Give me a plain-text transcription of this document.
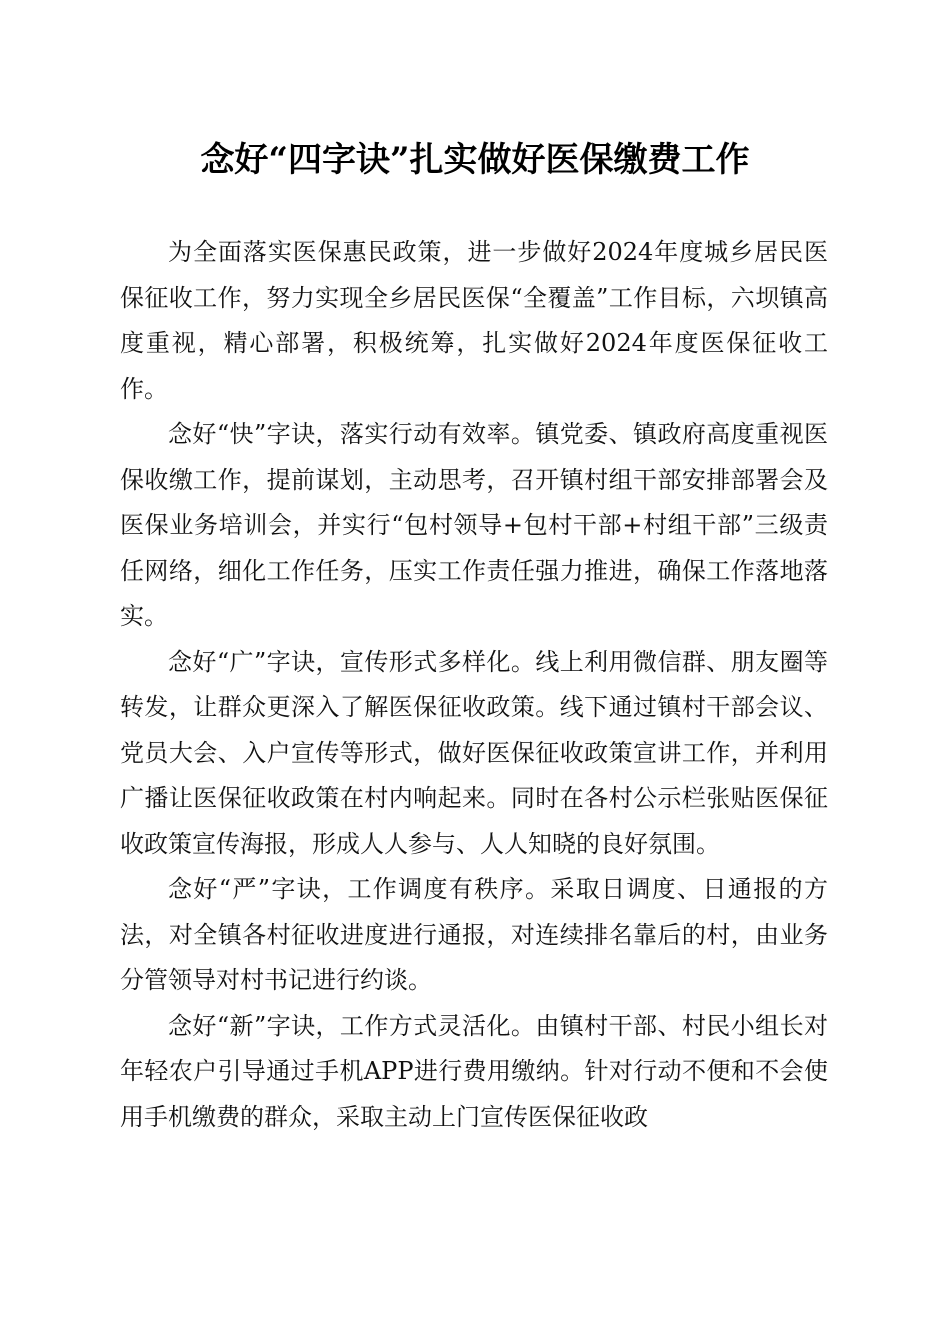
念好“四字诀”扎实做好医保缴费工作

为全面落实医保惠民政策，进一步做好2024年度城乡居民医保征收工作，努力实现全乡居民医保“全覆盖”工作目标，六坝镇高度重视，精心部署，积极统筹，扎实做好2024年度医保征收工作。

念好“快”字诀，落实行动有效率。镇党委、镇政府高度重视医保收缴工作，提前谋划，主动思考，召开镇村组干部安排部署会及医保业务培训会，并实行“包村领导+包村干部+村组干部”三级责任网络，细化工作任务，压实工作责任强力推进，确保工作落地落实。

念好“广”字诀，宣传形式多样化。线上利用微信群、朋友圈等转发，让群众更深入了解医保征收政策。线下通过镇村干部会议、党员大会、入户宣传等形式，做好医保征收政策宣讲工作，并利用广播让医保征收政策在村内响起来。同时在各村公示栏张贴医保征收政策宣传海报，形成人人参与、人人知晓的良好氛围。

念好“严”字诀，工作调度有秩序。采取日调度、日通报的方法，对全镇各村征收进度进行通报，对连续排名靠后的村，由业务分管领导对村书记进行约谈。

念好“新”字诀，工作方式灵活化。由镇村干部、村民小组长对年轻农户引导通过手机APP进行费用缴纳。针对行动不便和不会使用手机缴费的群众，采取主动上门宣传医保征收政
